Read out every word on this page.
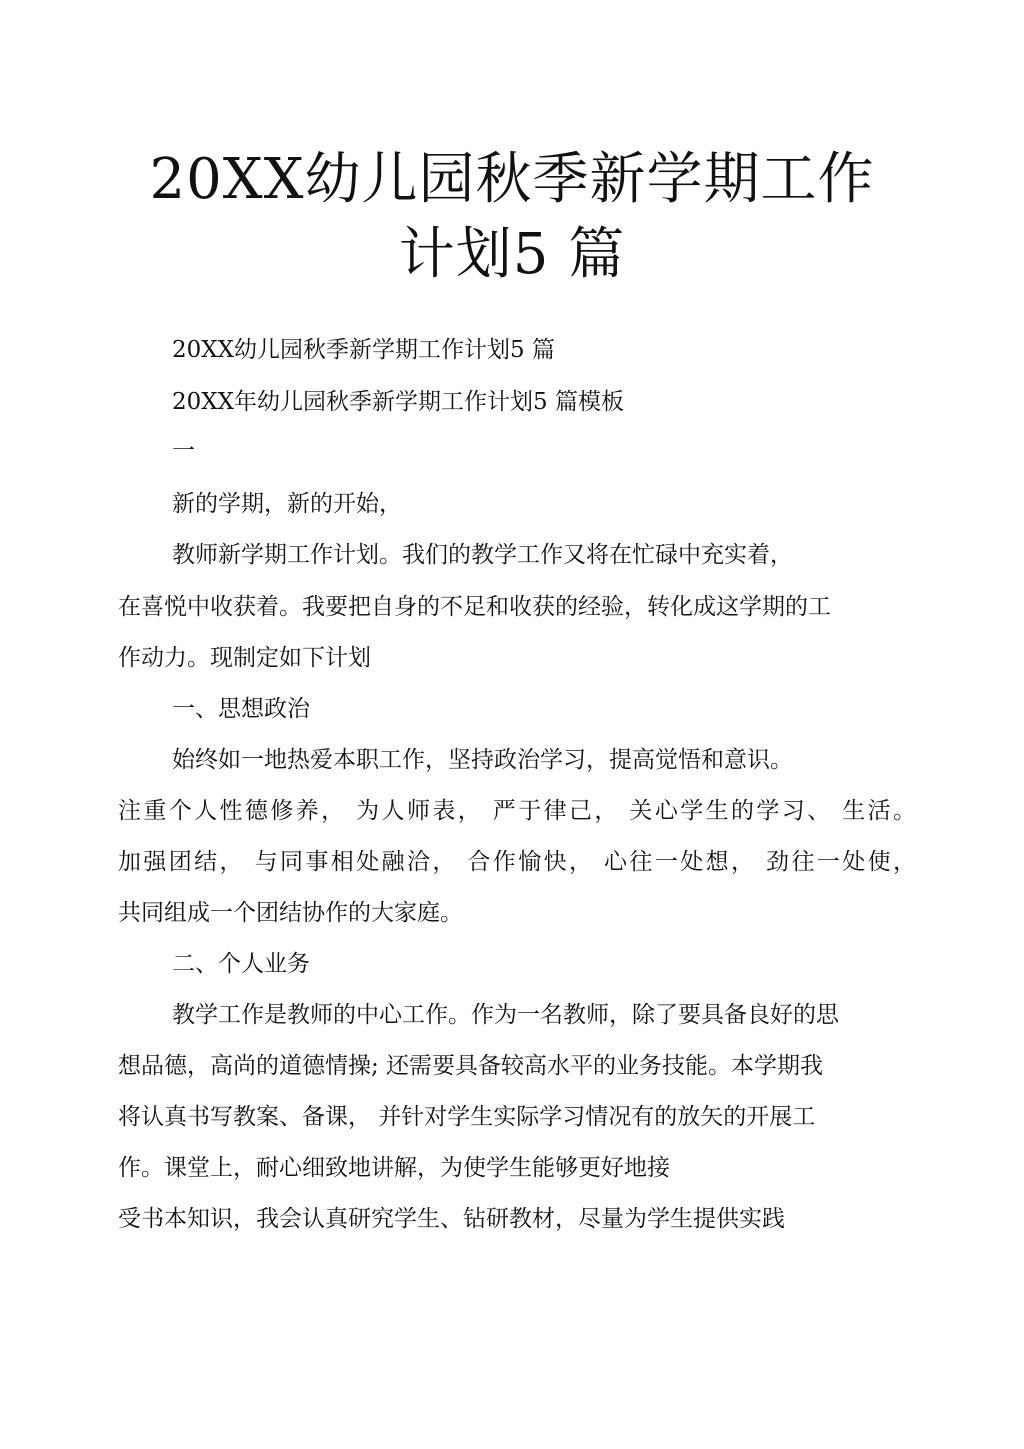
20XX幼儿园秋季新学期工作
计划5 篇
20XX幼儿园秋季新学期工作计划5 篇
20XX年幼儿园秋季新学期工作计划5 篇模板
一
新的学期，新的开始，
教师新学期工作计划。我们的教学工作又将在忙碌中充实着，
在喜悦中收获着。我要把自身的不足和收获的经验，转化成这学期的工
作动力。现制定如下计划
一、思想政治
始终如一地热爱本职工作，坚持政治学习，提高觉悟和意识。
注重个人性德修养， 为人师表， 严于律己， 关心学生的学习、 生活。
加强团结， 与同事相处融洽， 合作愉快， 心往一处想， 劲往一处使，
共同组成一个团结协作的大家庭。
二、个人业务
教学工作是教师的中心工作。作为一名教师，除了要具备良好的思
想品德，高尚的道德情操; 还需要具备较高水平的业务技能。本学期我
将认真书写教案、备课， 并针对学生实际学习情况有的放矢的开展工
作。课堂上，耐心细致地讲解，为使学生能够更好地接
受书本知识，我会认真研究学生、钻研教材，尽量为学生提供实践
